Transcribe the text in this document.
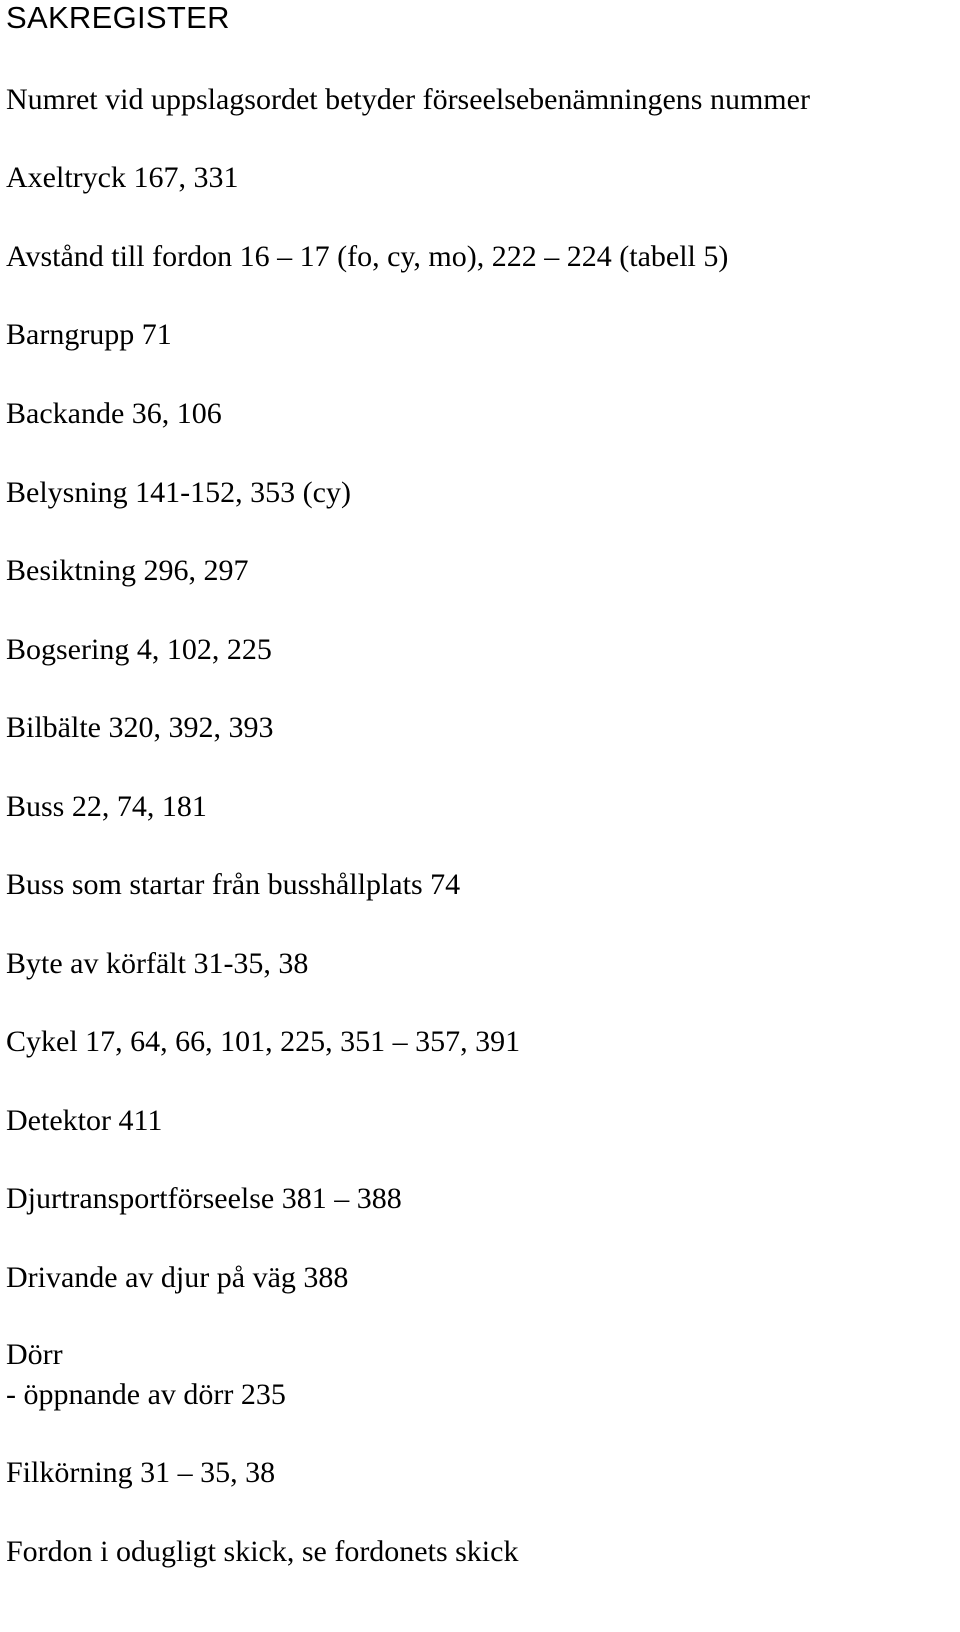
SAKREGISTER
Numret vid uppslagsordet betyder förseelsebenämningens nummer
Axeltryck 167, 331
Avstånd till fordon 16 – 17 (fo, cy, mo), 222 – 224 (tabell 5)
Barngrupp 71
Backande 36, 106
Belysning 141-152, 353 (cy)
Besiktning 296, 297
Bogsering 4, 102, 225
Bilbälte 320, 392, 393
Buss 22, 74, 181
Buss som startar från busshållplats 74
Byte av körfält 31-35, 38
Cykel 17, 64, 66, 101, 225, 351 – 357, 391
Detektor 411
Djurtransportförseelse 381 – 388
Drivande av djur på väg 388
Dörr
- öppnande av dörr 235
Filkörning 31 – 35, 38
Fordon i odugligt skick, se fordonets skick
